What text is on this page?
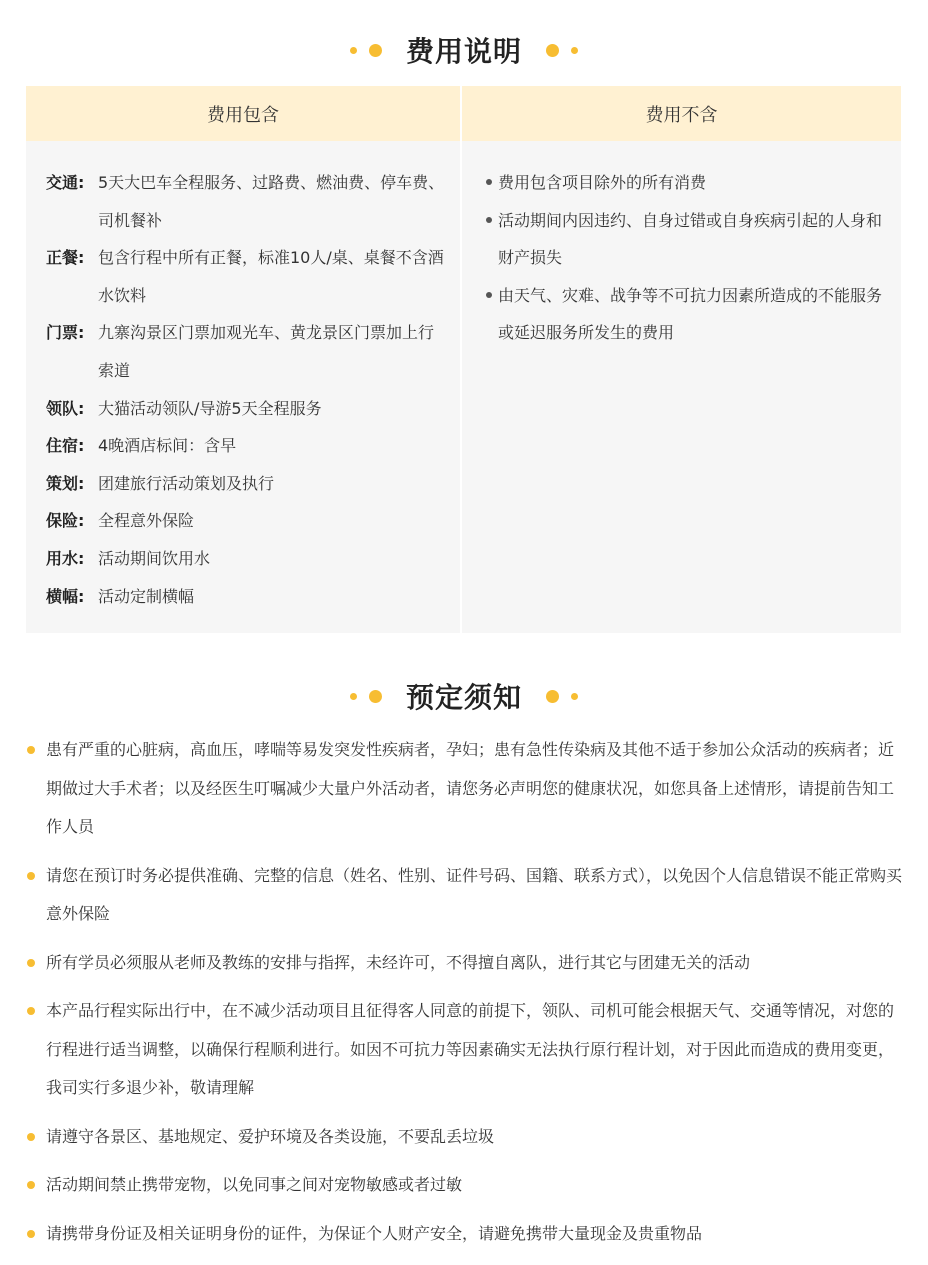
费用说明
费用包含
交通: 5天大巴车全程服务、过路费、燃油费、停车费、司机餐补
正餐: 包含行程中所有正餐，标准10人/桌、桌餐不含酒水饮料
门票: 九寨沟景区门票加观光车、黄龙景区门票加上行索道
领队: 大猫活动领队/导游5天全程服务
住宿: 4晚酒店标间：含早
策划: 团建旅行活动策划及执行
保险: 全程意外保险
用水: 活动期间饮用水
横幅: 活动定制横幅
费用不含
费用包含项目除外的所有消费
活动期间内因违约、自身过错或自身疾病引起的人身和财产损失
由天气、灾难、战争等不可抗力因素所造成的不能服务或延迟服务所发生的费用
预定须知
患有严重的心脏病，高血压，哮喘等易发突发性疾病者，孕妇；患有急性传染病及其他不适于参加公众活动的疾病者；近期做过大手术者；以及经医生叮嘱减少大量户外活动者，请您务必声明您的健康状况，如您具备上述情形，请提前告知工作人员
请您在预订时务必提供准确、完整的信息（姓名、性别、证件号码、国籍、联系方式），以免因个人信息错误不能正常购买意外保险
所有学员必须服从老师及教练的安排与指挥，未经许可，不得擅自离队，进行其它与团建无关的活动
本产品行程实际出行中，在不减少活动项目且征得客人同意的前提下，领队、司机可能会根据天气、交通等情况，对您的行程进行适当调整，以确保行程顺利进行。如因不可抗力等因素确实无法执行原行程计划，对于因此而造成的费用变更，我司实行多退少补，敬请理解
请遵守各景区、基地规定、爱护环境及各类设施，不要乱丢垃圾
活动期间禁止携带宠物，以免同事之间对宠物敏感或者过敏
请携带身份证及相关证明身份的证件，为保证个人财产安全，请避免携带大量现金及贵重物品
